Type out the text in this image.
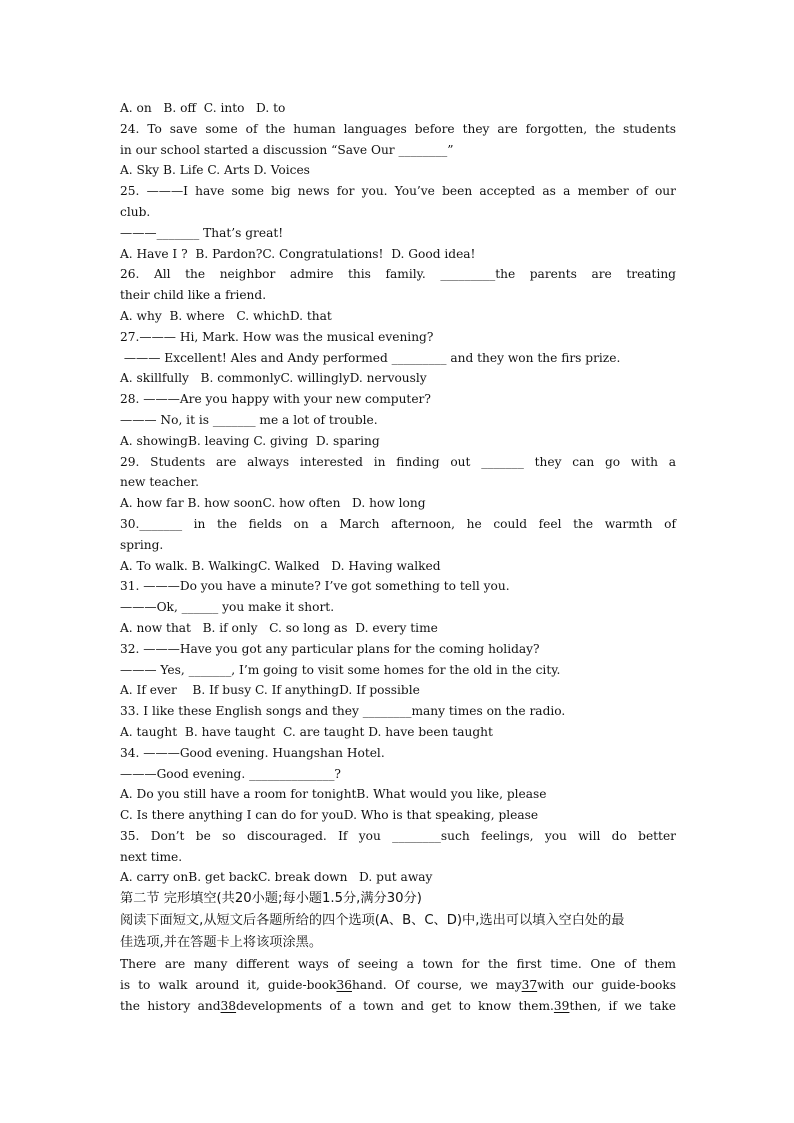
A. on   B. off  C. into   D. to
24. To save some of the human languages before they are forgotten, the students
in our school started a discussion “Save Our ________”
A. Sky B. Life C. Arts D. Voices
25. ———I have some big news for you. You’ve been accepted as a member of our
club.
———_______ That’s great!
A. Have I ?  B. Pardon?C. Congratulations!  D. Good idea!
26. All the neighbor admire this family. _________the parents are treating
their child like a friend.
A. why  B. where   C. whichD. that
27.——— Hi, Mark. How was the musical evening?
——— Excellent! Ales and Andy performed _________ and they won the firs prize.
A. skillfully   B. commonlyC. willinglyD. nervously
28. ———Are you happy with your new computer?
——— No, it is _______ me a lot of trouble.
A. showingB. leaving C. giving  D. sparing
29. Students are always interested in finding out _______ they can go with a
new teacher.
A. how far B. how soonC. how often   D. how long
30._______ in the fields on a March afternoon, he could feel the warmth of
spring.
A. To walk. B. WalkingC. Walked   D. Having walked
31. ———Do you have a minute? I’ve got something to tell you.
———Ok, ______ you make it short.
A. now that   B. if only   C. so long as  D. every time
32. ———Have you got any particular plans for the coming holiday?
——— Yes, _______, I’m going to visit some homes for the old in the city.
A. If ever    B. If busy C. If anythingD. If possible
33. I like these English songs and they ________many times on the radio.
A. taught  B. have taught  C. are taught D. have been taught
34. ———Good evening. Huangshan Hotel.
———Good evening. ______________?
A. Do you still have a room for tonightB. What would you like, please
C. Is there anything I can do for youD. Who is that speaking, please
35. Don’t be so discouraged. If you ________such feelings, you will do better
next time.
A. carry onB. get backC. break down   D. put away
第二节 完形填空(共20小题;每小题1.5分,满分30分)
阅读下面短文,从短文后各题所给的四个选项(A、B、C、D)中,选出可以填入空白处的最
佳选项,并在答题卡上将该项涂黑。
There are many different ways of seeing a town for the first time. One of them
is to walk around it, guide-book36hand. Of course, we may37with our guide-books
the history and38developments of a town and get to know them.39then, if we take
